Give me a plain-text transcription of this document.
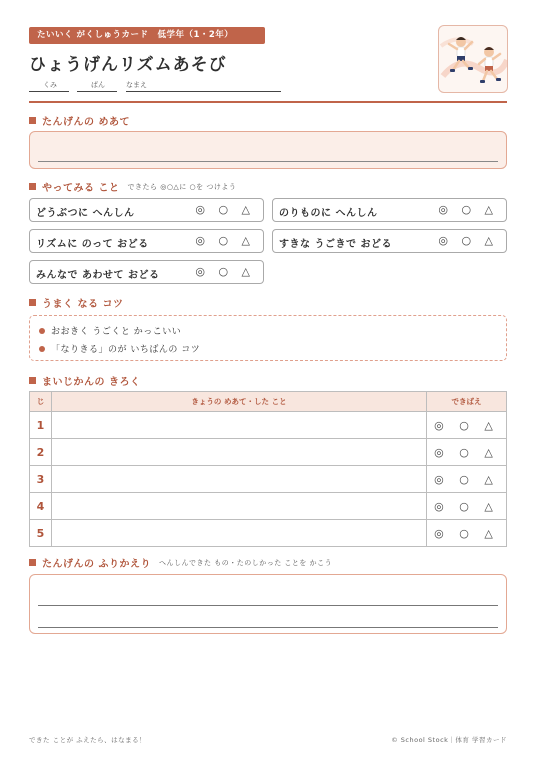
たいいく がくしゅうカード　低学年（1・2年）
ひょうげんリズムあそび
くみ	ばん	なまえ
たんげんの めあて
やってみる こと できたら ◎○△に ○を つけよう
どうぶつに へんしん	◎ ○ △ のりものに へんしん	◎ ○ △
リズムに のって おどる	◎ ○ △ すきな うごきで おどる	◎ ○ △
みんなで あわせて おどる	◎ ○ △
うまく なる コツ
おおきく うごくと かっこいい
「なりきる」のが いちばんの コツ
まいじかんの きろく
じ	きょうの めあて・した こと	できばえ
1		◎ ○ △
2		◎ ○ △
3		◎ ○ △
4		◎ ○ △
5		◎ ○ △
たんげんの ふりかえり へんしんできた もの・たのしかった ことを かこう
できた ことが ふえたら、はなまる！	© School Stock｜体育 学習カード
